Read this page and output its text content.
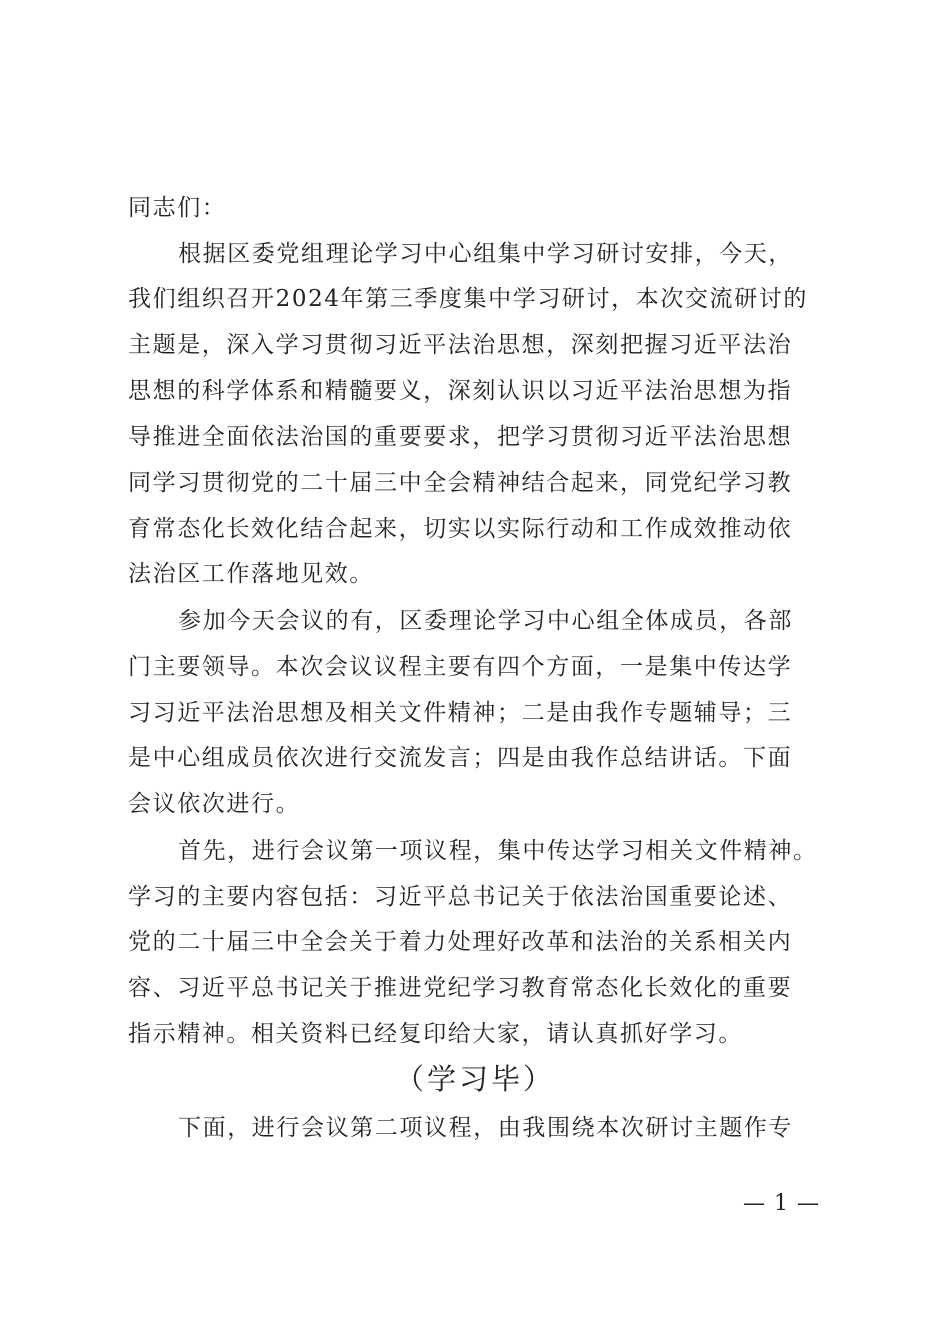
同志们：
根据区委党组理论学习中心组集中学习研讨安排，今天，
我们组织召开2024年第三季度集中学习研讨，本次交流研讨的
主题是，深入学习贯彻习近平法治思想，深刻把握习近平法治
思想的科学体系和精髓要义，深刻认识以习近平法治思想为指
导推进全面依法治国的重要要求，把学习贯彻习近平法治思想
同学习贯彻党的二十届三中全会精神结合起来，同党纪学习教
育常态化长效化结合起来，切实以实际行动和工作成效推动依
法治区工作落地见效。
参加今天会议的有，区委理论学习中心组全体成员，各部
门主要领导。本次会议议程主要有四个方面，一是集中传达学
习习近平法治思想及相关文件精神；二是由我作专题辅导；三
是中心组成员依次进行交流发言；四是由我作总结讲话。下面
会议依次进行。
首先，进行会议第一项议程，集中传达学习相关文件精神。
学习的主要内容包括：习近平总书记关于依法治国重要论述、
党的二十届三中全会关于着力处理好改革和法治的关系相关内
容、习近平总书记关于推进党纪学习教育常态化长效化的重要
指示精神。相关资料已经复印给大家，请认真抓好学习。
（学习毕）
下面，进行会议第二项议程，由我围绕本次研讨主题作专
— 1 —
